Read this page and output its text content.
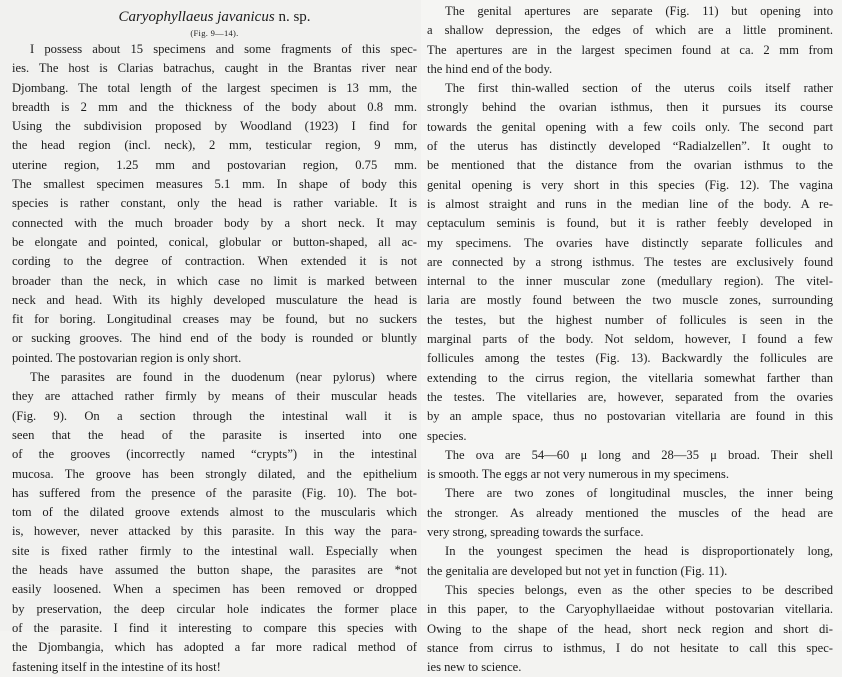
Caryophyllaeus javanicus n. sp.
(Fig. 9—14).
I possess about 15 specimens and some fragments of this spec-
ies. The host is Clarias batrachus, caught in the Brantas river near
Djombang. The total length of the largest specimen is 13 mm, the
breadth is 2 mm and the thickness of the body about 0.8 mm.
Using the subdivision proposed by Woodland (1923) I find for
the head region (incl. neck), 2 mm, testicular region, 9 mm,
uterine region, 1.25 mm and postovarian region, 0.75 mm.
The smallest specimen measures 5.1 mm. In shape of body this
species is rather constant, only the head is rather variable. It is
connected with the much broader body by a short neck. It may
be elongate and pointed, conical, globular or button-shaped, all ac-
cording to the degree of contraction. When extended it is not
broader than the neck, in which case no limit is marked between
neck and head. With its highly developed musculature the head is
fit for boring. Longitudinal creases may be found, but no suckers
or sucking grooves. The hind end of the body is rounded or bluntly
pointed. The postovarian region is only short.
The parasites are found in the duodenum (near pylorus) where
they are attached rather firmly by means of their muscular heads
(Fig. 9). On a section through the intestinal wall it is
seen that the head of the parasite is inserted into one
of the grooves (incorrectly named “crypts”) in the intestinal
mucosa. The groove has been strongly dilated, and the epithelium
has suffered from the presence of the parasite (Fig. 10). The bot-
tom of the dilated groove extends almost to the muscularis which
is, however, never attacked by this parasite. In this way the para-
site is fixed rather firmly to the intestinal wall. Especially when
the heads have assumed the button shape, the parasites are *not
easily loosened. When a specimen has been removed or dropped
by preservation, the deep circular hole indicates the former place
of the parasite. I find it interesting to compare this species with
the Djombangia, which has adopted a far more radical method of
fastening itself in the intestine of its host!
The genital apertures are separate (Fig. 11) but opening into
a shallow depression, the edges of which are a little prominent.
The apertures are in the largest specimen found at ca. 2 mm from
the hind end of the body.
The first thin-walled section of the uterus coils itself rather
strongly behind the ovarian isthmus, then it pursues its course
towards the genital opening with a few coils only. The second part
of the uterus has distinctly developed “Radialzellen”. It ought to
be mentioned that the distance from the ovarian isthmus to the
genital opening is very short in this species (Fig. 12). The vagina
is almost straight and runs in the median line of the body. A re-
ceptaculum seminis is found, but it is rather feebly developed in
my specimens. The ovaries have distinctly separate follicules and
are connected by a strong isthmus. The testes are exclusively found
internal to the inner muscular zone (medullary region). The vitel-
laria are mostly found between the two muscle zones, surrounding
the testes, but the highest number of follicules is seen in the
marginal parts of the body. Not seldom, however, I found a few
follicules among the testes (Fig. 13). Backwardly the follicules are
extending to the cirrus region, the vitellaria somewhat farther than
the testes. The vitellaries are, however, separated from the ovaries
by an ample space, thus no postovarian vitellaria are found in this
species.
The ova are 54—60 μ long and 28—35 μ broad. Their shell
is smooth. The eggs ar not very numerous in my specimens.
There are two zones of longitudinal muscles, the inner being
the stronger. As already mentioned the muscles of the head are
very strong, spreading towards the surface.
In the youngest specimen the head is disproportionately long,
the genitalia are developed but not yet in function (Fig. 11).
This species belongs, even as the other species to be described
in this paper, to the Caryophyllaeidae without postovarian vitellaria.
Owing to the shape of the head, short neck region and short di-
stance from cirrus to isthmus, I do not hesitate to call this spec-
ies new to science.
